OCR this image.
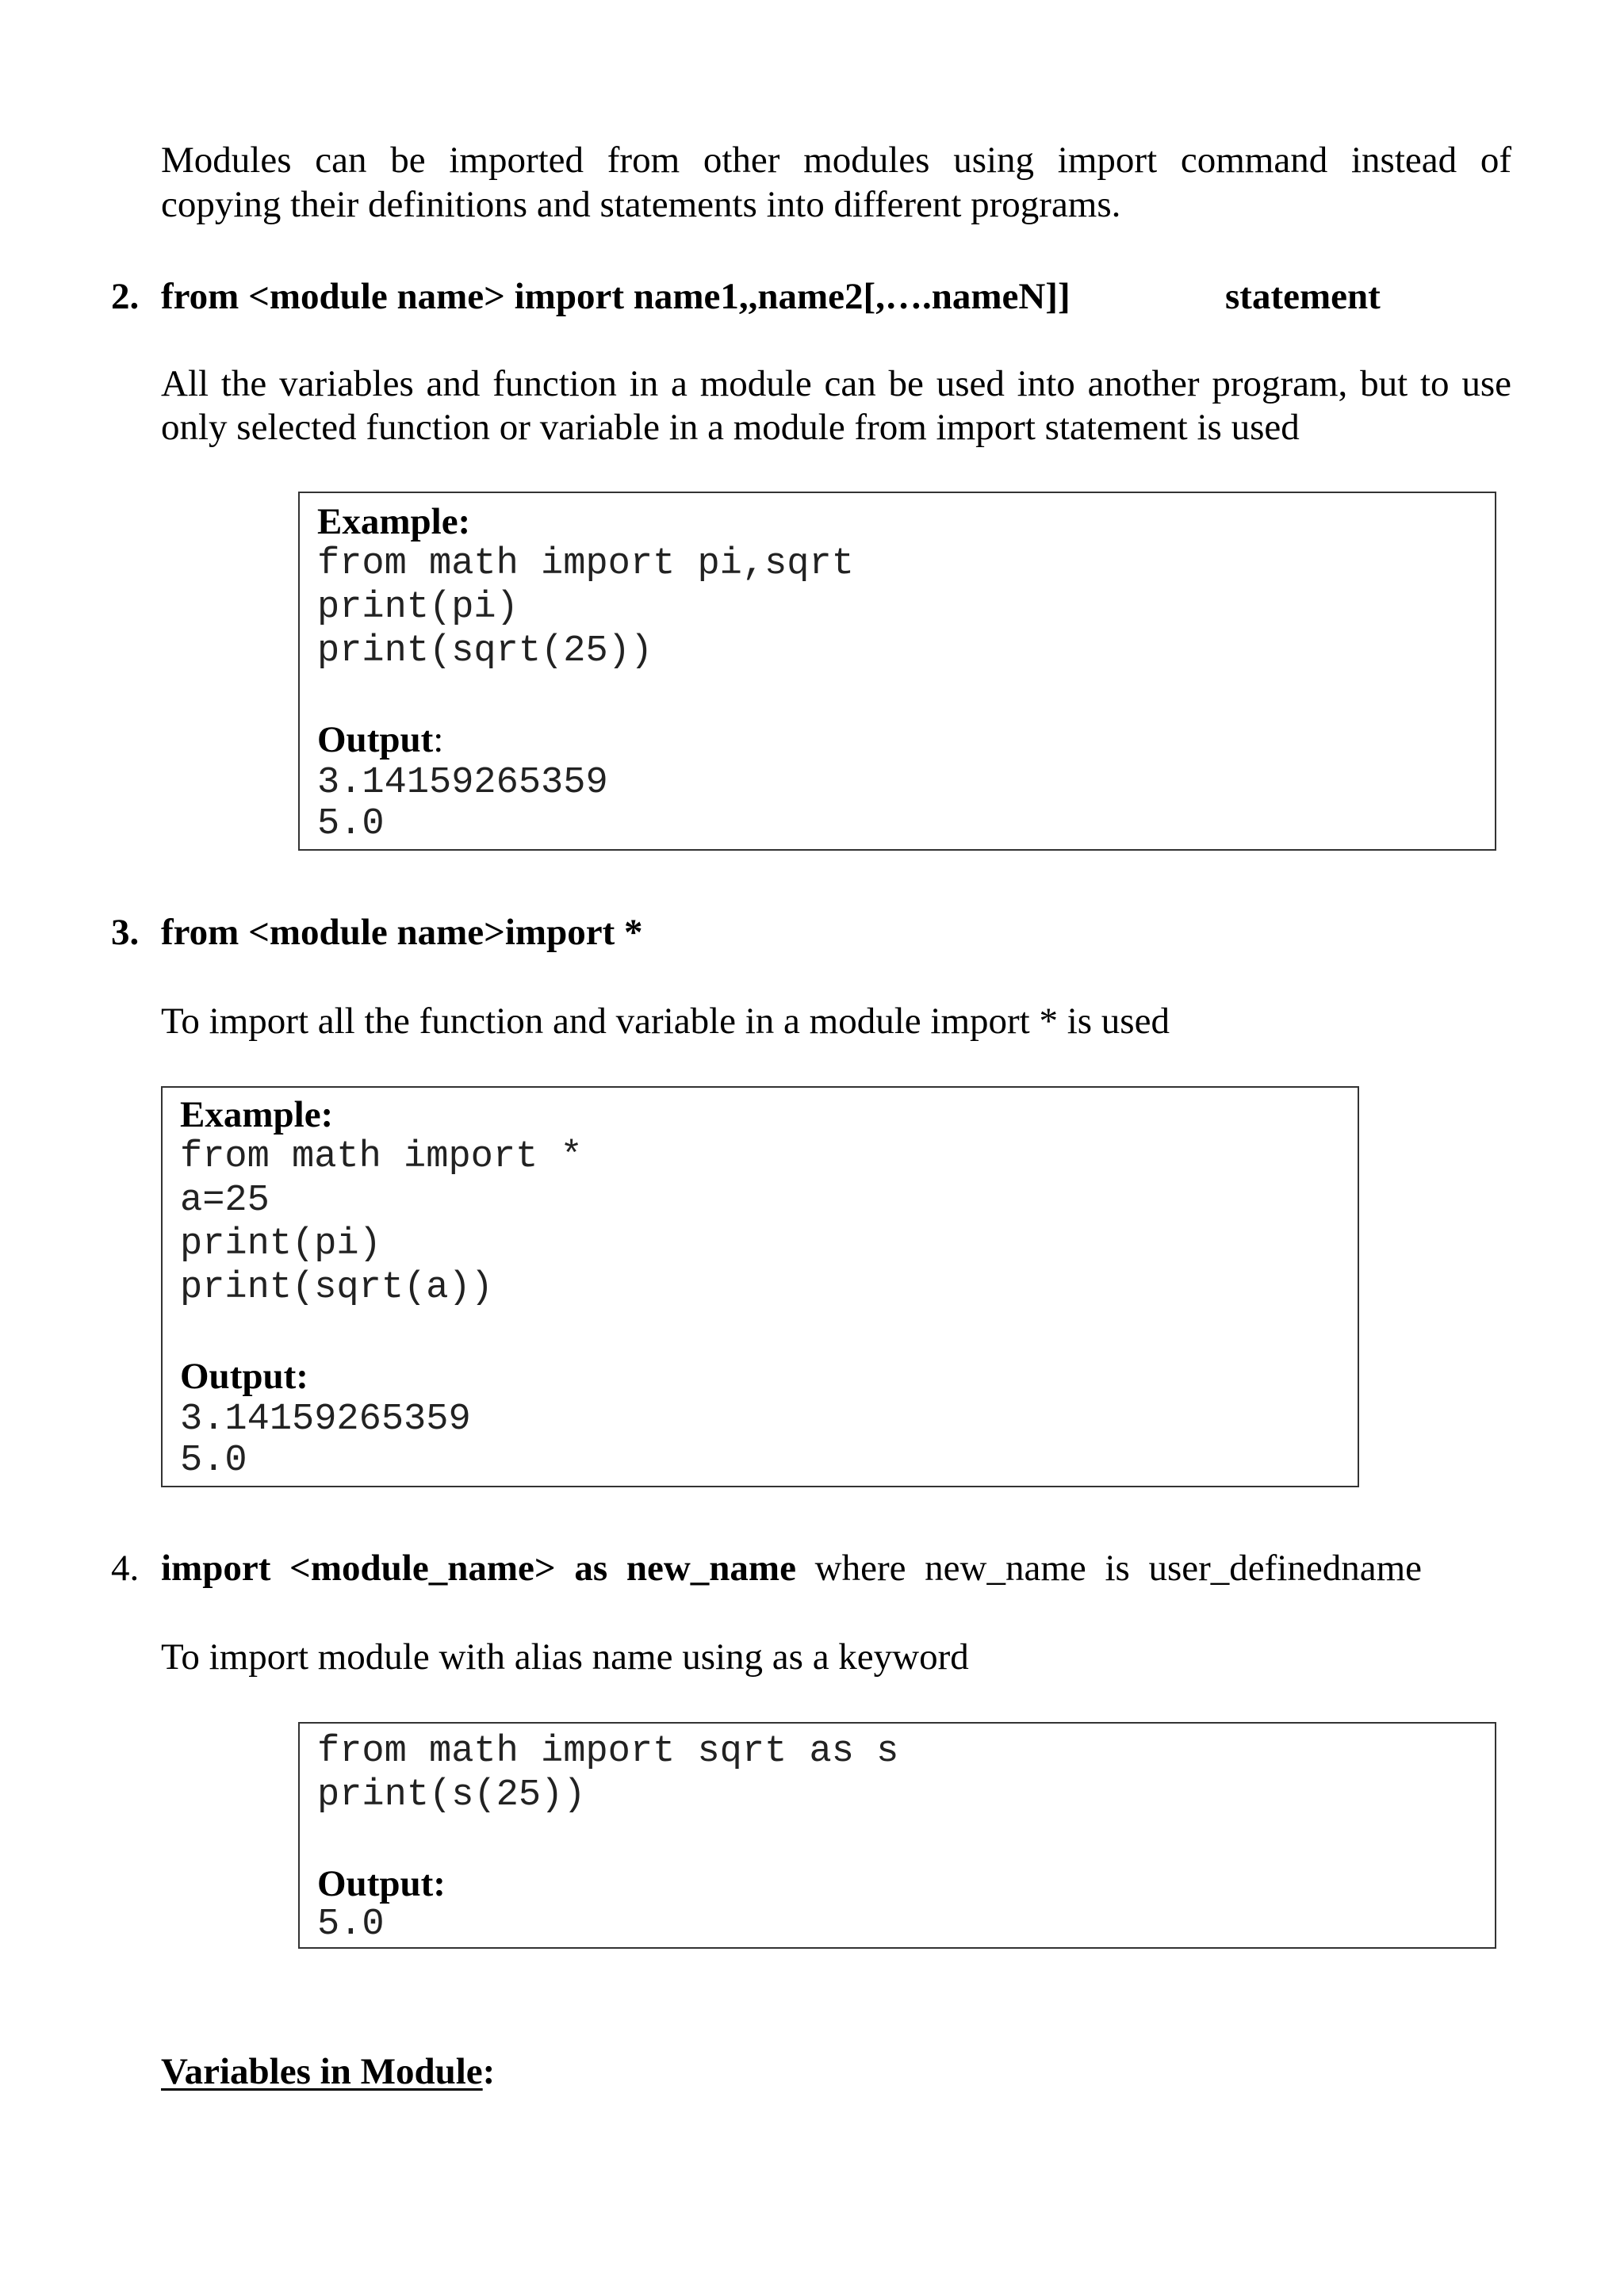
Modules can be imported from other modules using import command instead of
copying their definitions and statements into different programs.
2. from <module name> import name1,,name2[,….nameN]]	statement
All the variables and function in a module can be used into another program, but to use
only selected function or variable in a module from import statement is used
Example:
from math import pi,sqrt
print(pi)
print(sqrt(25))
Output:
3.14159265359
5.0
3. from <module name>import *
To import all the function and variable in a module import * is used
Example:
from math import *
a=25
print(pi)
print(sqrt(a))
Output:
3.14159265359
5.0
4. import <module_name> as new_name where new_name is user_definedname
To import module with alias name using as a keyword
from math import sqrt as s
print(s(25))
Output:
5.0
Variables in Module:
